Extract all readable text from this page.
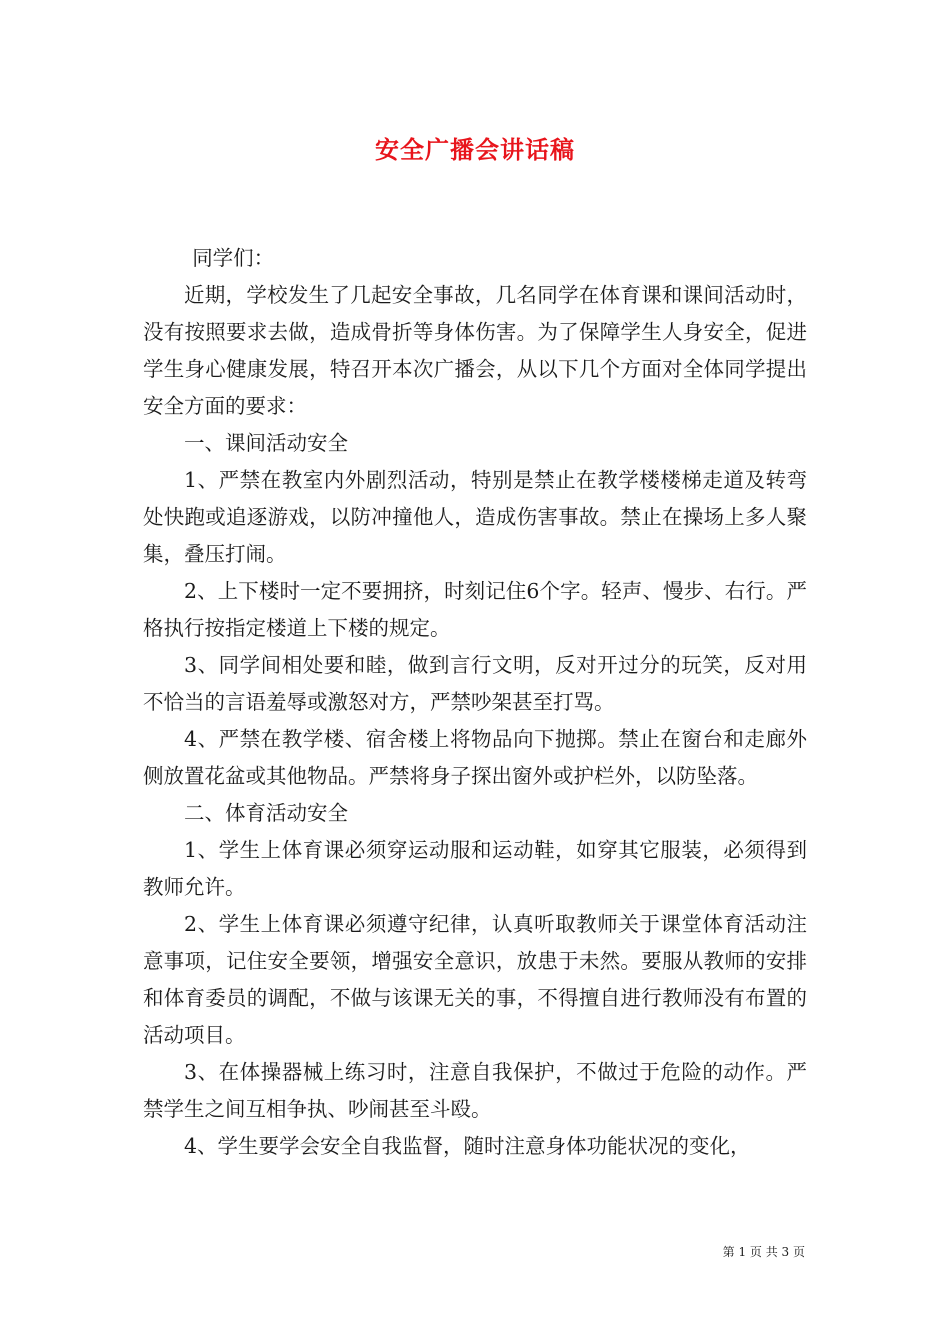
安全广播会讲话稿

同学们：

近期，学校发生了几起安全事故，几名同学在体育课和课间活动时，没有按照要求去做，造成骨折等身体伤害。为了保障学生人身安全，促进学生身心健康发展，特召开本次广播会，从以下几个方面对全体同学提出安全方面的要求：

一、课间活动安全

1、严禁在教室内外剧烈活动，特别是禁止在教学楼楼梯走道及转弯处快跑或追逐游戏，以防冲撞他人，造成伤害事故。禁止在操场上多人聚集，叠压打闹。

2、上下楼时一定不要拥挤，时刻记住6个字。轻声、慢步、右行。严格执行按指定楼道上下楼的规定。

3、同学间相处要和睦，做到言行文明，反对开过分的玩笑，反对用不恰当的言语羞辱或激怒对方，严禁吵架甚至打骂。

4、严禁在教学楼、宿舍楼上将物品向下抛掷。禁止在窗台和走廊外侧放置花盆或其他物品。严禁将身子探出窗外或护栏外，以防坠落。

二、体育活动安全

1、学生上体育课必须穿运动服和运动鞋，如穿其它服装，必须得到教师允许。

2、学生上体育课必须遵守纪律，认真听取教师关于课堂体育活动注意事项，记住安全要领，增强安全意识，放患于未然。要服从教师的安排和体育委员的调配，不做与该课无关的事，不得擅自进行教师没有布置的活动项目。

3、在体操器械上练习时，注意自我保护，不做过于危险的动作。严禁学生之间互相争执、吵闹甚至斗殴。

4、学生要学会安全自我监督，随时注意身体功能状况的变化，

第 1 页 共 3 页
